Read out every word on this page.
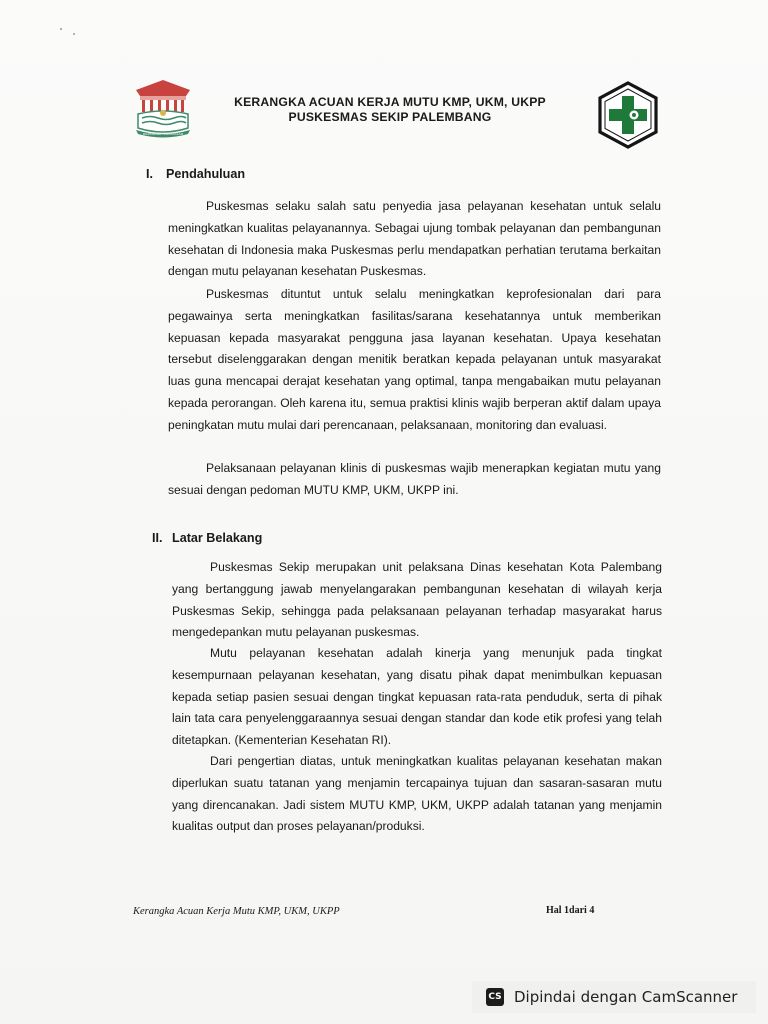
PALEMBANG DARUSSALAM
KERANGKA ACUAN KERJA MUTU KMP, UKM, UKPP
PUSKESMAS SEKIP PALEMBANG
I. Pendahuluan

Puskesmas selaku salah satu penyedia jasa pelayanan kesehatan untuk selalu meningkatkan kualitas pelayanannya. Sebagai ujung tombak pelayanan dan pembangunan kesehatan di Indonesia maka Puskesmas perlu mendapatkan perhatian terutama berkaitan dengan mutu pelayanan kesehatan Puskesmas.

Puskesmas dituntut untuk selalu meningkatkan keprofesionalan dari para pegawainya serta meningkatkan fasilitas/sarana kesehatannya untuk memberikan kepuasan kepada masyarakat pengguna jasa layanan kesehatan. Upaya kesehatan tersebut diselenggarakan dengan menitik beratkan kepada pelayanan untuk masyarakat luas guna mencapai derajat kesehatan yang optimal, tanpa mengabaikan mutu pelayanan kepada perorangan. Oleh karena itu, semua praktisi klinis wajib berperan aktif dalam upaya peningkatan mutu mulai dari perencanaan, pelaksanaan, monitoring dan evaluasi.

Pelaksanaan pelayanan klinis di puskesmas wajib menerapkan kegiatan mutu yang sesuai dengan pedoman MUTU KMP, UKM, UKPP ini.

II. Latar Belakang

Puskesmas Sekip merupakan unit pelaksana Dinas kesehatan Kota Palembang yang bertanggung jawab menyelangarakan pembangunan kesehatan di wilayah kerja Puskesmas Sekip, sehingga pada pelaksanaan pelayanan terhadap masyarakat harus mengedepankan mutu pelayanan puskesmas.

Mutu pelayanan kesehatan adalah kinerja yang menunjuk pada tingkat kesempurnaan pelayanan kesehatan, yang disatu pihak dapat menimbulkan kepuasan kepada setiap pasien sesuai dengan tingkat kepuasan rata-rata penduduk, serta di pihak lain tata cara penyelenggaraannya sesuai dengan standar dan kode etik profesi yang telah ditetapkan. (Kementerian Kesehatan RI).

Dari pengertian diatas, untuk meningkatkan kualitas pelayanan kesehatan makan diperlukan suatu tatanan yang menjamin tercapainya tujuan dan sasaran-sasaran mutu yang direncanakan. Jadi sistem MUTU KMP, UKM, UKPP adalah tatanan yang menjamin kualitas output dan proses pelayanan/produksi.

Kerangka Acuan Kerja Mutu KMP, UKM, UKPP	Hal 1dari 4
CS Dipindai dengan CamScanner
